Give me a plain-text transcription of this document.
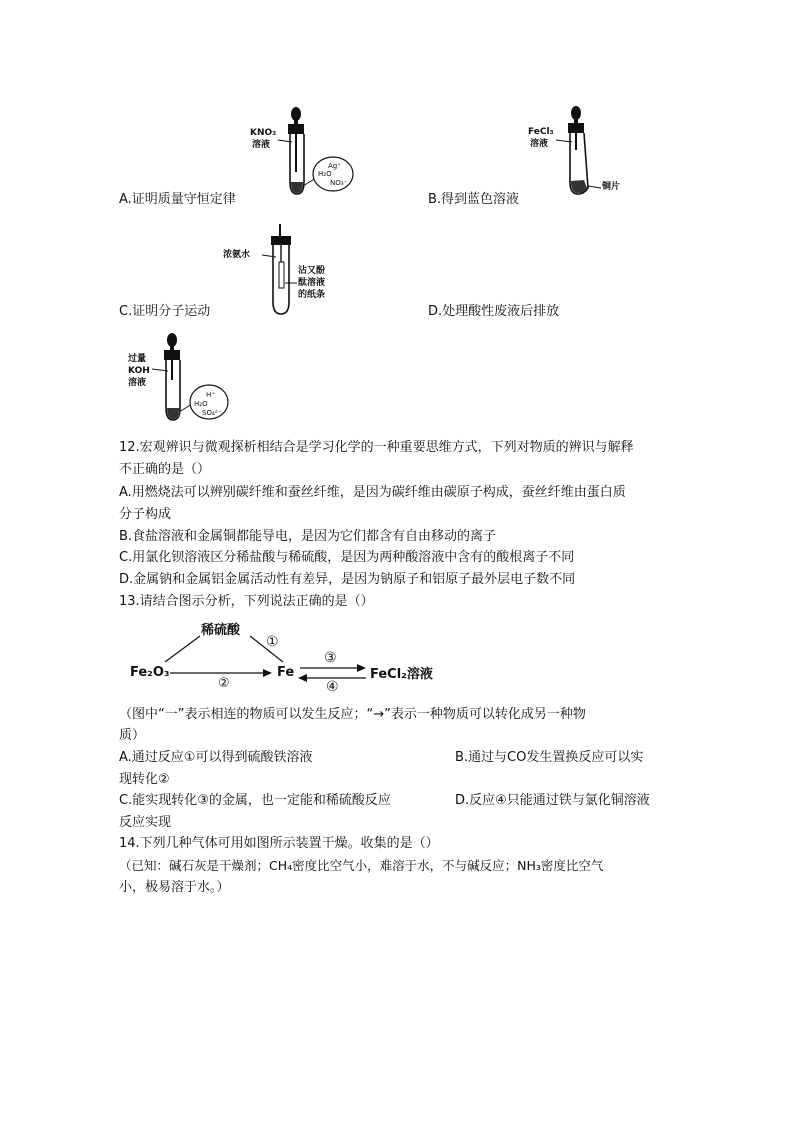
KNO₃
溶液
Ag⁺
H₂O
NO₃⁻
A.证明质量守恒定律
FeCl₃
溶液
铜片
B.得到蓝色溶液
浓氨水
沾又酚
酞溶液
的纸条
C.证明分子运动	D.处理酸性废液后排放
过量
KOH
溶液
H⁺
H₂O
SO₄²⁻
12.宏观辨识与微观探析相结合是学习化学的一种重要思维方式，下列对物质的辨识与解释
不正确的是（）
A.用燃烧法可以辨别碳纤维和蚕丝纤维，是因为碳纤维由碳原子构成，蚕丝纤维由蛋白质
分子构成
B.食盐溶液和金属铜都能导电，是因为它们都含有自由移动的离子
C.用氯化钡溶液区分稀盐酸与稀硫酸，是因为两种酸溶液中含有的酸根离子不同
D.金属钠和金属铝金属活动性有差异，是因为钠原子和铝原子最外层电子数不同
13.请结合图示分析，下列说法正确的是（）
稀硫酸
Fe₂O₃	Fe	FeCl₂溶液
①
②
③
④
（图中“一”表示相连的物质可以发生反应；“→”表示一种物质可以转化成另一种物
质）
A.通过反应①可以得到硫酸铁溶液	B.通过与CO发生置换反应可以实
现转化②
C.能实现转化③的金属，也一定能和稀硫酸反应	D.反应④只能通过铁与氯化铜溶液
反应实现
14.下列几种气体可用如图所示装置干燥。收集的是（）
（已知：碱石灰是干燥剂；CH₄密度比空气小，难溶于水，不与碱反应；NH₃密度比空气
小，极易溶于水。）
